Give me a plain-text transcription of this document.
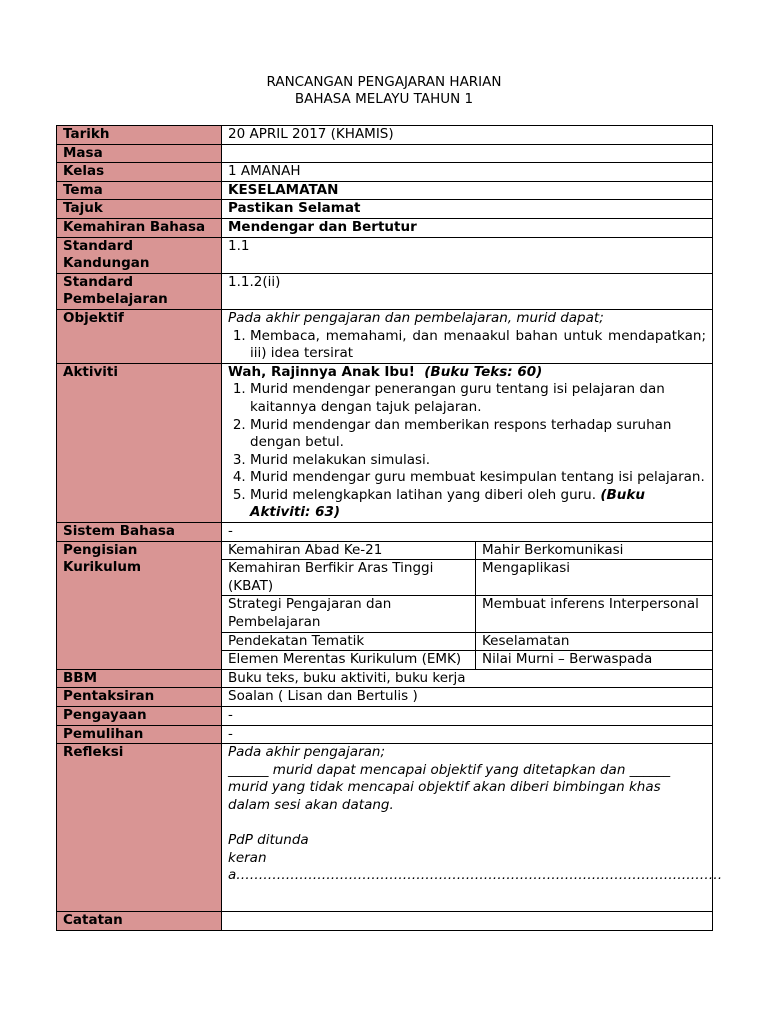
RANCANGAN PENGAJARAN HARIAN
BAHASA MELAYU TAHUN 1
Tarikh	20 APRIL 2017 (KHAMIS)
Masa	
Kelas	1 AMANAH
Tema	KESELAMATAN
Tajuk	Pastikan Selamat
Kemahiran Bahasa	Mendengar dan Bertutur
Standard Kandungan	1.1
Standard Pembelajaran	1.1.2(ii)
Objektif	Pada akhir pengajaran dan pembelajaran, murid dapat;
1. Membaca, memahami, dan menaakul bahan untuk mendapatkan; iii) idea tersirat

Aktiviti	Wah, Rajinnya Anak Ibu! (Buku Teks: 60)
1. Murid mendengar penerangan guru tentang isi pelajaran dan kaitannya dengan tajuk pelajaran.
2. Murid mendengar dan memberikan respons terhadap suruhan dengan betul.
3. Murid melakukan simulasi.
4. Murid mendengar guru membuat kesimpulan tentang isi pelajaran.
5. Murid melengkapkan latihan yang diberi oleh guru. (Buku Aktiviti: 63)

Sistem Bahasa	-
Pengisian Kurikulum	
Kemahiran Abad Ke-21	Mahir Berkomunikasi
Kemahiran Berfikir Aras Tinggi (KBAT)	Mengaplikasi
Strategi Pengajaran dan Pembelajaran	Membuat inferens Interpersonal
Pendekatan Tematik	Keselamatan
Elemen Merentas Kurikulum (EMK)	Nilai Murni – Berwaspada

BBM	Buku teks, buku aktiviti, buku kerja
Pentaksiran	Soalan ( Lisan dan Bertulis )
Pengayaan	-
Pemulihan	-
Refleksi	Pada akhir pengajaran;
______ murid dapat mencapai objektif yang ditetapkan dan ______ murid yang tidak mencapai objektif akan diberi bimbingan khas dalam sesi akan datang.
PdP ditunda
kerana………………………………………………………………………………………………

Catatan	
